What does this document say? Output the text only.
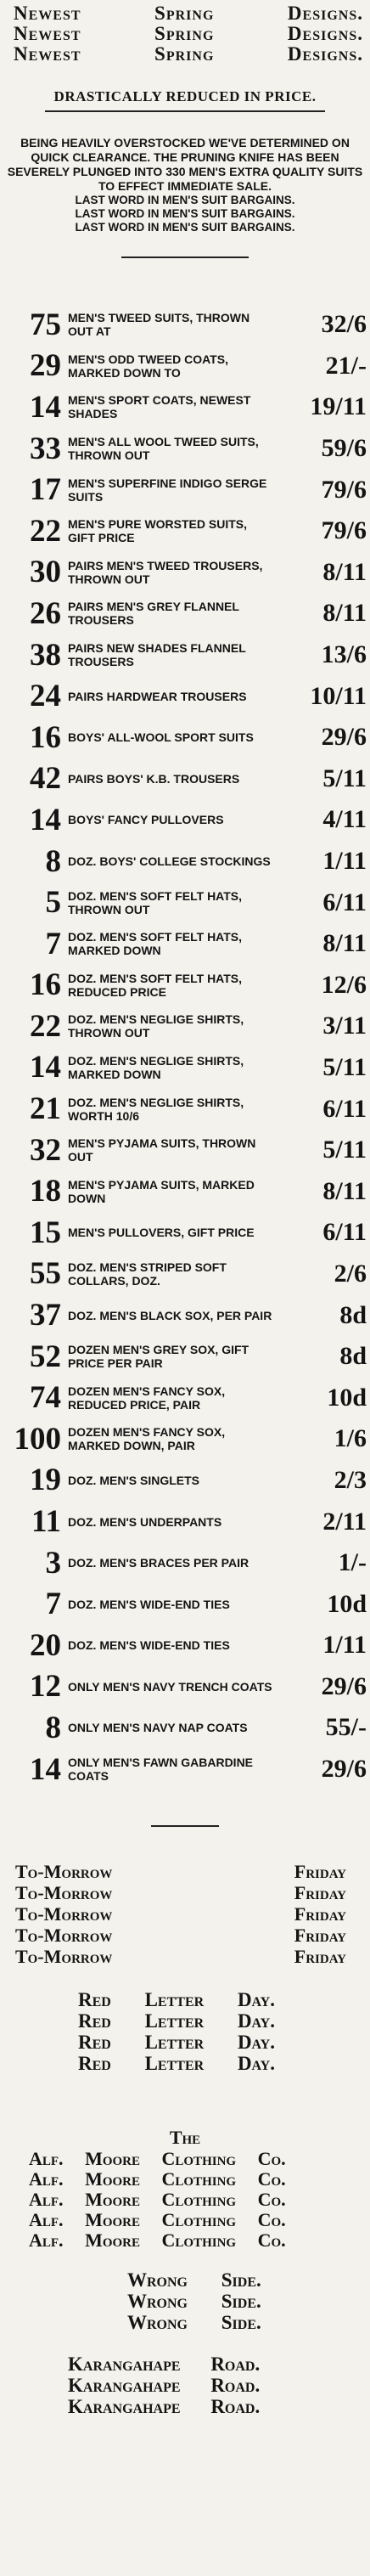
Newest	Spring	Designs.
Newest	Spring	Designs.
Newest	Spring	Designs.
DRASTICALLY REDUCED IN PRICE.
BEING HEAVILY OVERSTOCKED WE'VE DETERMINED ON QUICK CLEARANCE. THE PRUNING KNIFE HAS BEEN SEVERELY PLUNGED INTO 330 MEN'S EXTRA QUALITY SUITS TO EFFECT IMMEDIATE SALE.
LAST WORD IN MEN'S SUIT BARGAINS.
LAST WORD IN MEN'S SUIT BARGAINS.
LAST WORD IN MEN'S SUIT BARGAINS.
75 MEN'S TWEED SUITS, THROWN OUT AT	32/6
29 MEN'S ODD TWEED COATS, MARKED DOWN TO	21/-
14 MEN'S SPORT COATS, NEWEST SHADES	19/11
33 MEN'S ALL WOOL TWEED SUITS, THROWN OUT	59/6
17 MEN'S SUPERFINE INDIGO SERGE SUITS	79/6
22 MEN'S PURE WORSTED SUITS, GIFT PRICE	79/6
30 PAIRS MEN'S TWEED TROUSERS, THROWN OUT	8/11
26 PAIRS MEN'S GREY FLANNEL TROUSERS	8/11
38 PAIRS NEW SHADES FLANNEL TROUSERS	13/6
24 PAIRS HARDWEAR TROUSERS	10/11
16 BOYS' ALL-WOOL SPORT SUITS	29/6
42 PAIRS BOYS' K.B. TROUSERS	5/11
14 BOYS' FANCY PULLOVERS	4/11
8 DOZ. BOYS' COLLEGE STOCKINGS	1/11
5 DOZ. MEN'S SOFT FELT HATS, THROWN OUT	6/11
7 DOZ. MEN'S SOFT FELT HATS, MARKED DOWN	8/11
16 DOZ. MEN'S SOFT FELT HATS, REDUCED PRICE	12/6
22 DOZ. MEN'S NEGLIGE SHIRTS, THROWN OUT	3/11
14 DOZ. MEN'S NEGLIGE SHIRTS, MARKED DOWN	5/11
21 DOZ. MEN'S NEGLIGE SHIRTS, WORTH 10/6	6/11
32 MEN'S PYJAMA SUITS, THROWN OUT	5/11
18 MEN'S PYJAMA SUITS, MARKED DOWN	8/11
15 MEN'S PULLOVERS, GIFT PRICE	6/11
55 DOZ. MEN'S STRIPED SOFT COLLARS, DOZ.	2/6
37 DOZ. MEN'S BLACK SOX, PER PAIR	8d
52 DOZEN MEN'S GREY SOX, GIFT PRICE PER PAIR	8d
74 DOZEN MEN'S FANCY SOX, REDUCED PRICE, PAIR	10d
100 DOZEN MEN'S FANCY SOX, MARKED DOWN, PAIR	1/6
19 DOZ. MEN'S SINGLETS	2/3
11 DOZ. MEN'S UNDERPANTS	2/11
3 DOZ. MEN'S BRACES PER PAIR	1/-
7 DOZ. MEN'S WIDE-END TIES	10d
20 DOZ. MEN'S WIDE-END TIES	1/11
12 ONLY MEN'S NAVY TRENCH COATS	29/6
8 ONLY MEN'S NAVY NAP COATS	55/-
14 ONLY MEN'S FAWN GABARDINE COATS	29/6
To-Morrow	Friday
To-Morrow	Friday
To-Morrow	Friday
To-Morrow	Friday
To-Morrow	Friday
Red Letter Day.
Red Letter Day.
Red Letter Day.
Red Letter Day.
The
Alf. Moore Clothing Co.
Alf. Moore Clothing Co.
Alf. Moore Clothing Co.
Alf. Moore Clothing Co.
Alf. Moore Clothing Co.
Wrong Side.
Wrong Side.
Wrong Side.
Karangahape Road.
Karangahape Road.
Karangahape Road.
